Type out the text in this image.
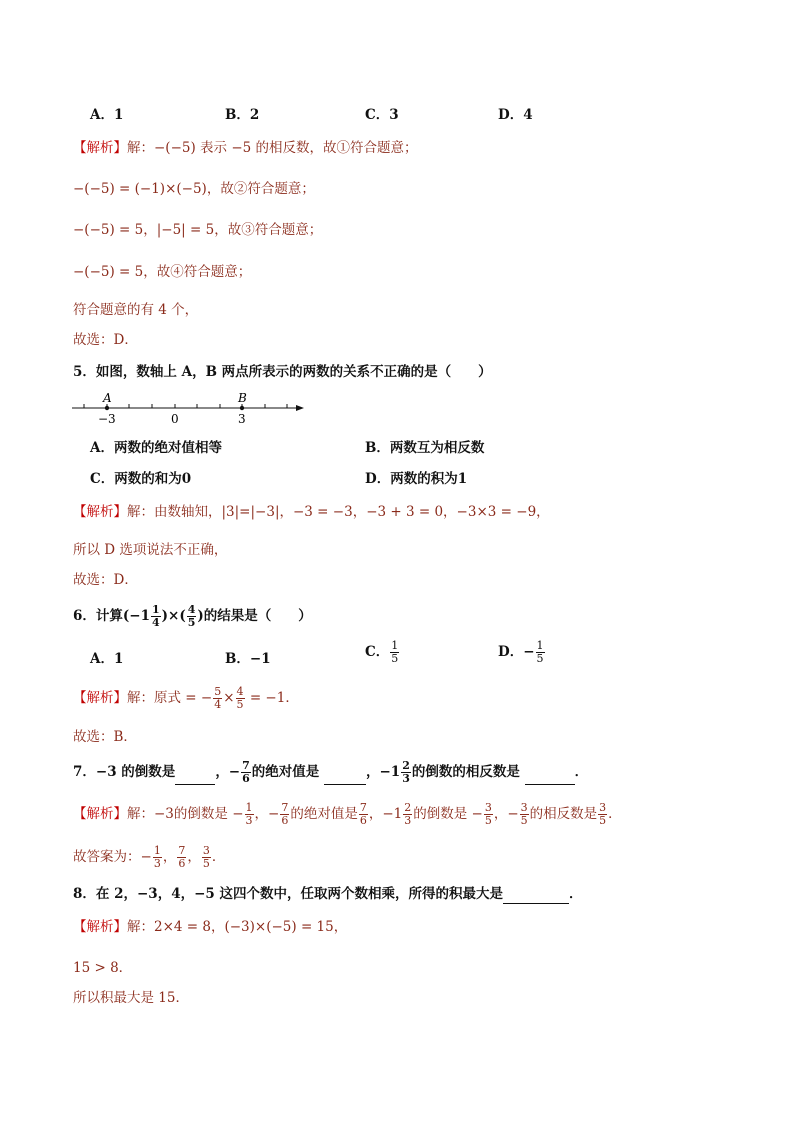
A．1	B．2	C．3	D．4
【解析】解：−(−5) 表示 −5 的相反数，故①符合题意；
−(−5) = (−1)×(−5)，故②符合题意；
−(−5) = 5，|−5| = 5，故③符合题意；
−(−5) = 5，故④符合题意；
符合题意的有 4 个，
故选：D．
5．如图，数轴上 A，B 两点所表示的两数的关系不正确的是（　　）
A	B
−3	0	3
A．两数的绝对值相等	B．两数互为相反数
C．两数的和为0	D．两数的积为1
【解析】解：由数轴知，|3|=|−3|，−3 = −3，−3 + 3 = 0，−3×3 = −9，
所以 D 选项说法不正确，
故选：D．
6．计算($-1 \frac{1}{4}$ )×( $\frac{4}{5}$ )的结果是（　　）
A．1	B．−1	C． $\frac{1}{5}$	D．− $\frac{1}{5}$
【解析】解：原式 = − $\frac{5}{4} \times \frac{4}{5} = -1$．
故选：B．
7．−3 的倒数是	，− $\frac{7}{6}$ 的绝对值是	，$-1 \frac{2}{3}$ 的倒数的相反数是	．
【解析】解：−3的倒数是 − $\frac{1}{3}$ ，− $\frac{7}{6}$ 的绝对值是 $\frac{7}{6}$ ，$-1 \frac{2}{3}$ 的倒数是 − $\frac{3}{5}$ ，− $\frac{3}{5}$ 的相反数是 $\frac{3}{5}$ ．
故答案为：− $\frac{1}{3}$ ， $\frac{7}{6}$ ， $\frac{3}{5}$ ．
8．在 2，−3，4，−5 这四个数中，任取两个数相乘，所得的积最大是	．
【解析】解：2×4 = 8，(−3)×(−5) = 15，
15 > 8．
所以积最大是 15．
